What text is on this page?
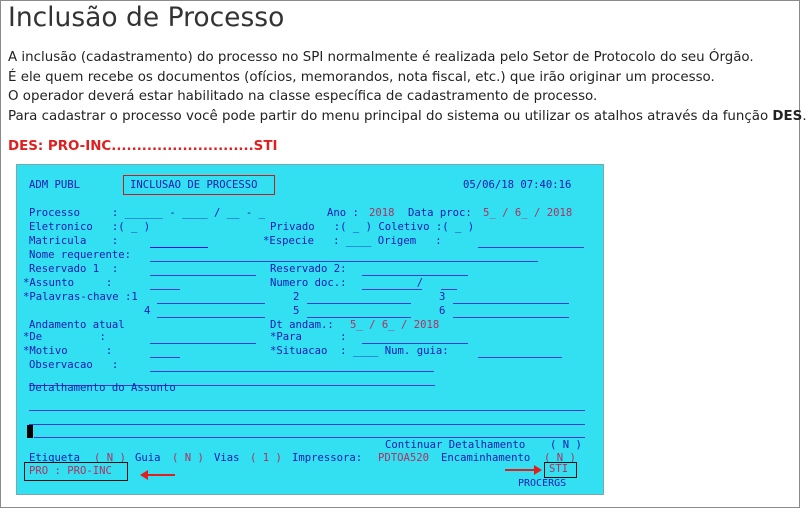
Inclusão de Processo
A inclusão (cadastramento) do processo no SPI normalmente é realizada pelo Setor de Protocolo do seu Órgão.
É ele quem recebe os documentos (ofícios, memorandos, nota fiscal, etc.) que irão originar um processo.
O operador deverá estar habilitado na classe específica de cadastramento de processo.
Para cadastrar o processo você pode partir do menu principal do sistema ou utilizar os atalhos através da função DES.
DES: PRO-INC............................STI
ADM PUBL	INCLUSAO DE PROCESSO	05/06/18 07:40:16
Processo     : ______ - ____ / __ - _	Ano : 2018 Data proc: 5_ / 6_ / 2018
Eletronico   :( _ )	Privado   :( _ ) Coletivo :( _ )
Matricula    :	*Especie   : ____ Origem   :
Nome requerente:
Reservado 1  :	Reservado 2:
*Assunto     :	Numero doc.:           /
*Palavras-chave :1	2	3
4	5	6
Andamento atual	Dt andam.: 5_ / 6_ / 2018
*De         :	*Para      :
*Motivo      :	*Situacao  : ____ Num. guia:
Observacao   :
Detalhamento do Assunto
Continuar Detalhamento ( N )
Etiqueta ( N ) Guia ( N ) Vias ( 1 ) Impressora: PDTOA520 Encaminhamento ( N )
PRO : PRO-INC	STI
PROCERGS
